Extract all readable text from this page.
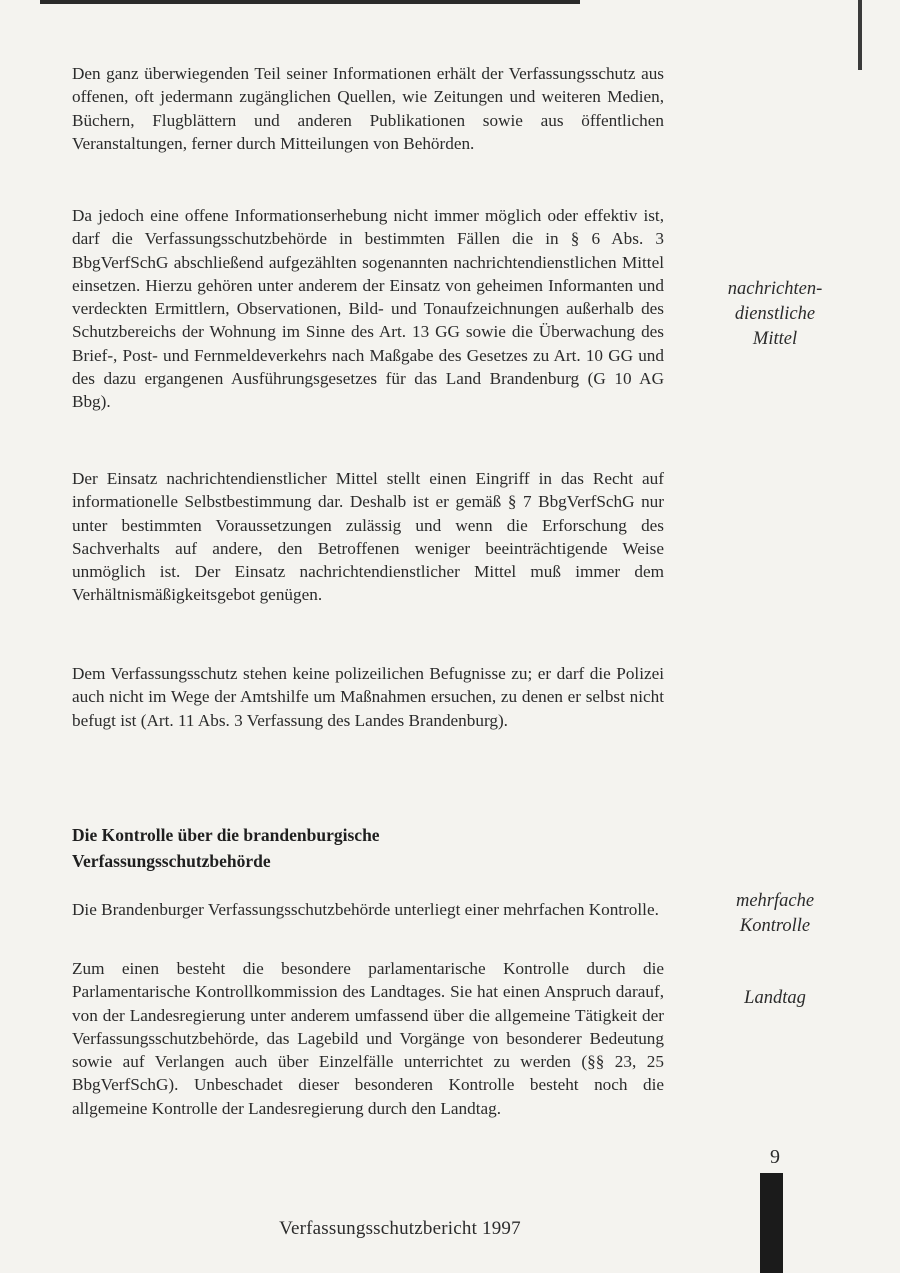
Den ganz überwiegenden Teil seiner Informationen erhält der Verfassungsschutz aus offenen, oft jedermann zugänglichen Quellen, wie Zeitungen und weiteren Medien, Büchern, Flugblättern und anderen Publikationen sowie aus öffentlichen Veranstaltungen, ferner durch Mitteilungen von Behörden.

Da jedoch eine offene Informationserhebung nicht immer möglich oder effektiv ist, darf die Verfassungsschutzbehörde in bestimmten Fällen die in § 6 Abs. 3 BbgVerfSchG abschließend aufgezählten sogenannten nachrichtendienstlichen Mittel einsetzen. Hierzu gehören unter anderem der Einsatz von geheimen Informanten und verdeckten Ermittlern, Observationen, Bild- und Tonaufzeichnungen außerhalb des Schutzbereichs der Wohnung im Sinne des Art. 13 GG sowie die Überwachung des Brief-, Post- und Fernmeldeverkehrs nach Maßgabe des Gesetzes zu Art. 10 GG und des dazu ergangenen Ausführungsgesetzes für das Land Brandenburg (G 10 AG Bbg).

Der Einsatz nachrichtendienstlicher Mittel stellt einen Eingriff in das Recht auf informationelle Selbstbestimmung dar. Deshalb ist er gemäß § 7 BbgVerfSchG nur unter bestimmten Voraussetzungen zulässig und wenn die Erforschung des Sachverhalts auf andere, den Betroffenen weniger beeinträchtigende Weise unmöglich ist. Der Einsatz nachrichtendienstlicher Mittel muß immer dem Verhältnismäßigkeitsgebot genügen.

Dem Verfassungsschutz stehen keine polizeilichen Befugnisse zu; er darf die Polizei auch nicht im Wege der Amtshilfe um Maßnahmen ersuchen, zu denen er selbst nicht befugt ist (Art. 11 Abs. 3 Verfassung des Landes Brandenburg).

Die Kontrolle über die brandenburgische
Verfassungsschutzbehörde

Die Brandenburger Verfassungsschutzbehörde unterliegt einer mehrfachen Kontrolle.

Zum einen besteht die besondere parlamentarische Kontrolle durch die Parlamentarische Kontrollkommission des Landtages. Sie hat einen Anspruch darauf, von der Landesregierung unter anderem umfassend über die allgemeine Tätigkeit der Verfassungsschutzbehörde, das Lagebild und Vorgänge von besonderer Bedeutung sowie auf Verlangen auch über Einzelfälle unterrichtet zu werden (§§ 23, 25 BbgVerfSchG). Unbeschadet dieser besonderen Kontrolle besteht noch die allgemeine Kontrolle der Landesregierung durch den Landtag.

nachrichten-
dienstliche
Mittel
mehrfache
Kontrolle
Landtag
9
Verfassungsschutzbericht 1997
